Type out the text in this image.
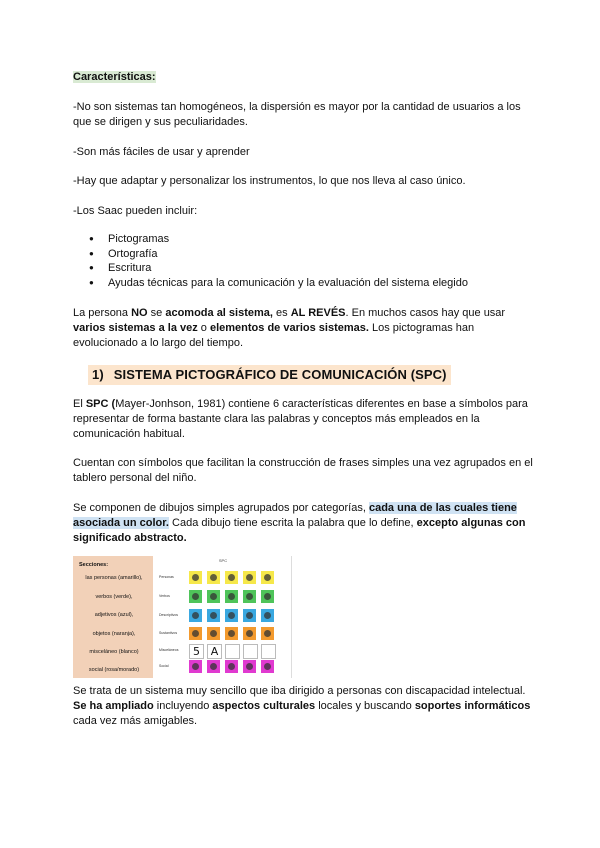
Características:

-No son sistemas tan homogéneos, la dispersión es mayor por la cantidad de usuarios a los que se dirigen y sus peculiaridades.

-Son más fáciles de usar y aprender

-Hay que adaptar y personalizar los instrumentos, lo que nos lleva al caso único.

-Los Saac pueden incluir:

● Pictogramas
● Ortografía
● Escritura
● Ayudas técnicas para la comunicación y la evaluación del sistema elegido

La persona NO se acomoda al sistema, es AL REVÉS. En muchos casos hay que usar varios sistemas a la vez o elementos de varios sistemas. Los pictogramas han evolucionado a lo largo del tiempo.

1) SISTEMA PICTOGRÁFICO DE COMUNICACIÓN (SPC)

El SPC (Mayer-Jonhson, 1981) contiene 6 características diferentes en base a símbolos para representar de forma bastante clara las palabras y conceptos más empleados en la comunicación habitual.

Cuentan con símbolos que facilitan la construcción de frases simples una vez agrupados en el tablero personal del niño.

Se componen de dibujos simples agrupados por categorías, cada una de las cuales tiene asociada un color. Cada dibujo tiene escrita la palabra que lo define, excepto algunas con significado abstracto.

Secciones:
las personas (amarillo),
verbos (verde),
adjetivos (azul),
objetos (naranja),
misceláneo (blanco)
social (rosa/morado)
SPC
Personas
Verbos
Descriptivos
Sustantivos
Misceláneos	5 A
Social

Se trata de un sistema muy sencillo que iba dirigido a personas con discapacidad intelectual. Se ha ampliado incluyendo aspectos culturales locales y buscando soportes informáticos cada vez más amigables.
